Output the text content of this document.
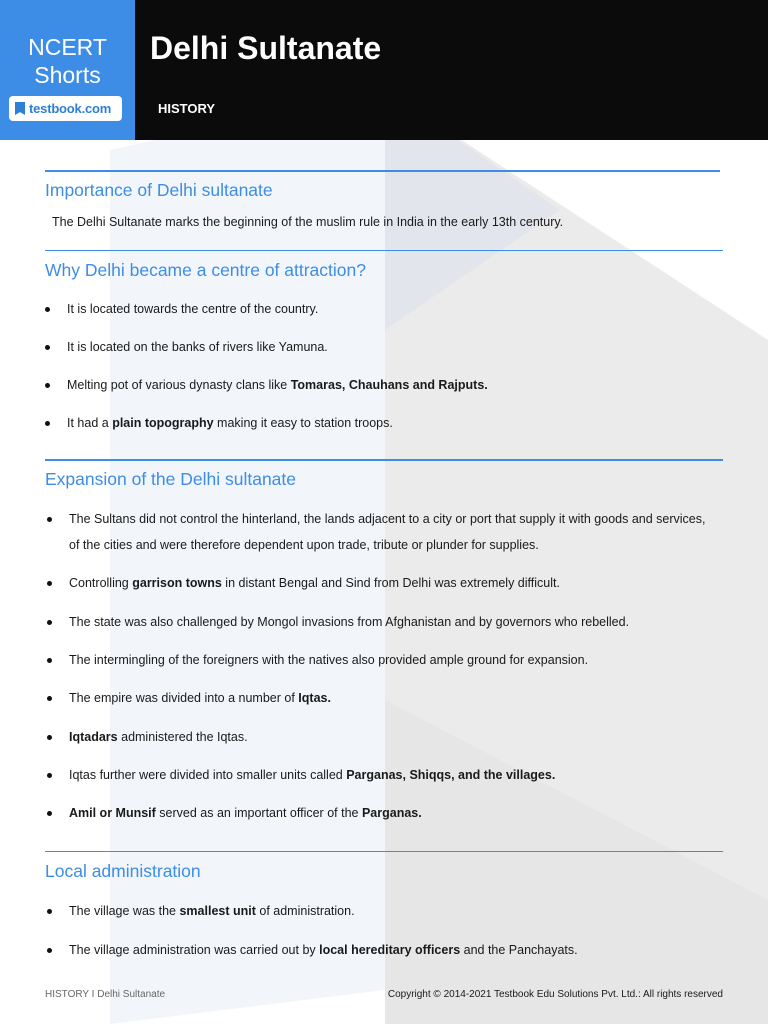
NCERT
Shorts
testbook.com
Delhi Sultanate
HISTORY
Importance of Delhi sultanate
The Delhi Sultanate marks the beginning of the muslim rule in India in the early 13th century.
Why Delhi became a centre of attraction?
It is located towards the centre of the country.
It is located on the banks of rivers like Yamuna.
Melting pot of various dynasty clans like Tomaras, Chauhans and Rajputs.
It had a plain topography making it easy to station troops.
Expansion of the Delhi sultanate
The Sultans did not control the hinterland, the lands adjacent to a city or port that supply it with goods and services,
of the cities and were therefore dependent upon trade, tribute or plunder for supplies.
Controlling garrison towns in distant Bengal and Sind from Delhi was extremely difficult.
The state was also challenged by Mongol invasions from Afghanistan and by governors who rebelled.
The intermingling of the foreigners with the natives also provided ample ground for expansion.
The empire was divided into a number of Iqtas.
Iqtadars administered the Iqtas.
Iqtas further were divided into smaller units called Parganas, Shiqqs, and the villages.
Amil or Munsif served as an important officer of the Parganas.
Local administration
The village was the smallest unit of administration.
The village administration was carried out by local hereditary officers and the Panchayats.
HISTORY I Delhi Sultanate	Copyright © 2014-2021 Testbook Edu Solutions Pvt. Ltd.: All rights reserved
